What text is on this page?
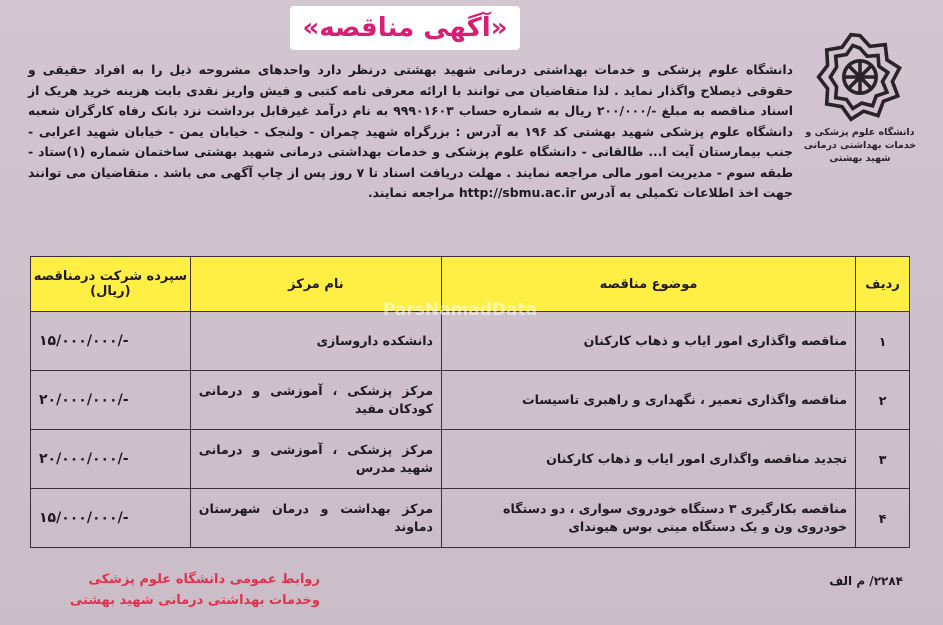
«آگهی مناقصه»
دانشگاه علوم پزشکی و
خدمات بهداشتی درمانی
شهید بهشتی
دانشگاه علوم پزشکی و خدمات بهداشتی درمانی شهید بهشتی درنظر دارد واحدهای مشروحه ذیل را به افراد حقیقی و حقوقی ذیصلاح واگذار نماید . لذا متقاضیان می توانند با ارائه معرفی نامه کتبی و فیش واریز نقدی بابت هزینه خرید هریک از اسناد مناقصه به مبلغ -/۲۰۰/۰۰۰ ریال به شماره حساب ۹۹۹۰۱۶۰۳ به نام درآمد غیرقابل برداشت نزد بانک رفاه کارگران شعبه دانشگاه علوم پزشکی شهید بهشتی کد ۱۹۶ به آدرس : بزرگراه شهید چمران - ولنجک - خیابان یمن - خیابان شهید اعرابی - جنب بیمارستان آیت ا... طالقانی - دانشگاه علوم پزشکی و خدمات بهداشتی درمانی شهید بهشتی ساختمان شماره (۱)ستاد - طبقه سوم - مدیریت امور مالی مراجعه نمایند . مهلت دریافت اسناد تا ۷ روز پس از چاپ آگهی می باشد . متقاضیان می توانند جهت اخذ اطلاعات تکمیلی به آدرس http://sbmu.ac.ir مراجعه نمایند.
ردیف	موضوع مناقصه	نام مرکز	سپرده شرکت درمناقصه (ریال)
۱	مناقصه واگذاری امور ایاب و ذهاب کارکنان	دانشکده داروسازی	۱۵/۰۰۰/۰۰۰/-
۲	مناقصه واگذاری تعمیر ، نگهداری و راهبری تاسیسات	مرکز پزشکی ، آموزشی و درمانی کودکان مفید	۲۰/۰۰۰/۰۰۰/-
۳	تجدید مناقصه واگذاری امور ایاب و ذهاب کارکنان	مرکز پزشکی ، آموزشی و درمانی شهید مدرس	۲۰/۰۰۰/۰۰۰/-
۴	مناقصه بکارگیری ۳ دستگاه خودروی سواری ، دو دستگاه خودروی ون و یک دستگاه مینی بوس هیوندای	مرکز بهداشت و درمان شهرستان دماوند	۱۵/۰۰۰/۰۰۰/-
ParsNamadData
۲۲۸۴/ م الف
روابط عمومی دانشگاه علوم پزشکی
وخدمات بهداشتی درمانی شهید بهشتی
